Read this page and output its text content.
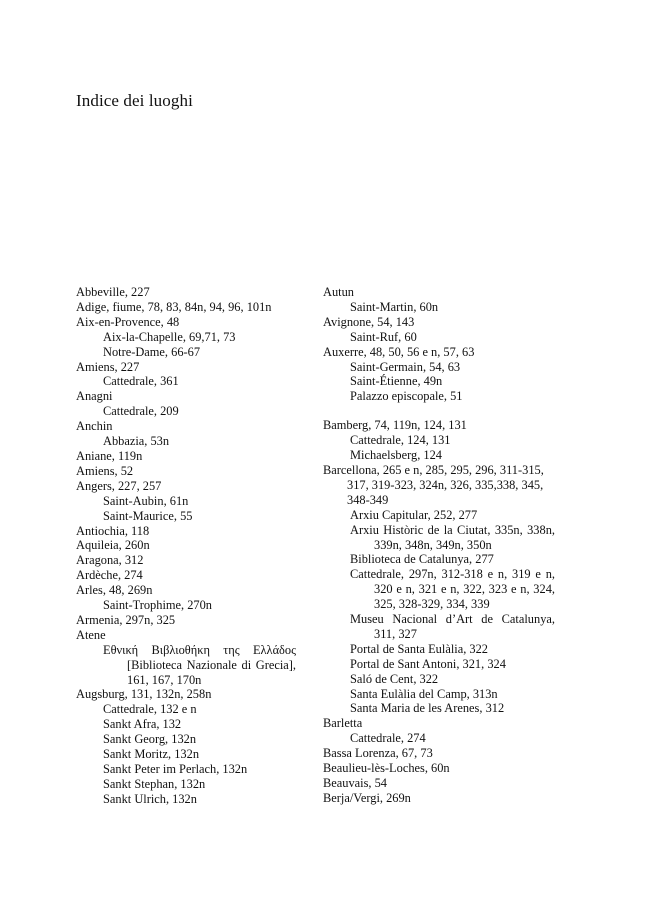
Indice dei luoghi
Abbeville, 227
Adige, fiume, 78, 83, 84n, 94, 96, 101n
Aix-en-Provence, 48
Aix-la-Chapelle, 69,71, 73
Notre-Dame, 66-67
Amiens, 227
Cattedrale, 361
Anagni
Cattedrale, 209
Anchin
Abbazia, 53n
Aniane, 119n
Amiens, 52
Angers, 227, 257
Saint-Aubin, 61n
Saint-Maurice, 55
Antiochia, 118
Aquileia, 260n
Aragona, 312
Ardèche, 274
Arles, 48, 269n
Saint-Trophime, 270n
Armenia, 297n, 325
Atene
Εθνική Βιβλιοθήκη της Ελλάδος [Biblioteca Nazionale di Grecia], 161, 167, 170n
Augsburg, 131, 132n, 258n
Cattedrale, 132 e n
Sankt Afra, 132
Sankt Georg, 132n
Sankt Moritz, 132n
Sankt Peter im Perlach, 132n
Sankt Stephan, 132n
Sankt Ulrich, 132n
Autun
Saint-Martin, 60n
Avignone, 54, 143
Saint-Ruf, 60
Auxerre, 48, 50, 56 e n, 57, 63
Saint-Germain, 54, 63
Saint-Étienne, 49n
Palazzo episcopale, 51
Bamberg, 74, 119n, 124, 131
Cattedrale, 124, 131
Michaelsberg, 124
Barcellona, 265 e n, 285, 295, 296, 311-315, 317, 319-323, 324n, 326, 335,338, 345, 348-349
Arxiu Capitular, 252, 277
Arxiu Històric de la Ciutat, 335n, 338n, 339n, 348n, 349n, 350n
Biblioteca de Catalunya, 277
Cattedrale, 297n, 312-318 e n, 319 e n, 320 e n, 321 e n, 322, 323 e n, 324, 325, 328-329, 334, 339
Museu Nacional d’Art de Catalunya, 311, 327
Portal de Santa Eulàlia, 322
Portal de Sant Antoni, 321, 324
Saló de Cent, 322
Santa Eulàlia del Camp, 313n
Santa Maria de les Arenes, 312
Barletta
Cattedrale, 274
Bassa Lorenza, 67, 73
Beaulieu-lès-Loches, 60n
Beauvais, 54
Berja/Vergi, 269n
